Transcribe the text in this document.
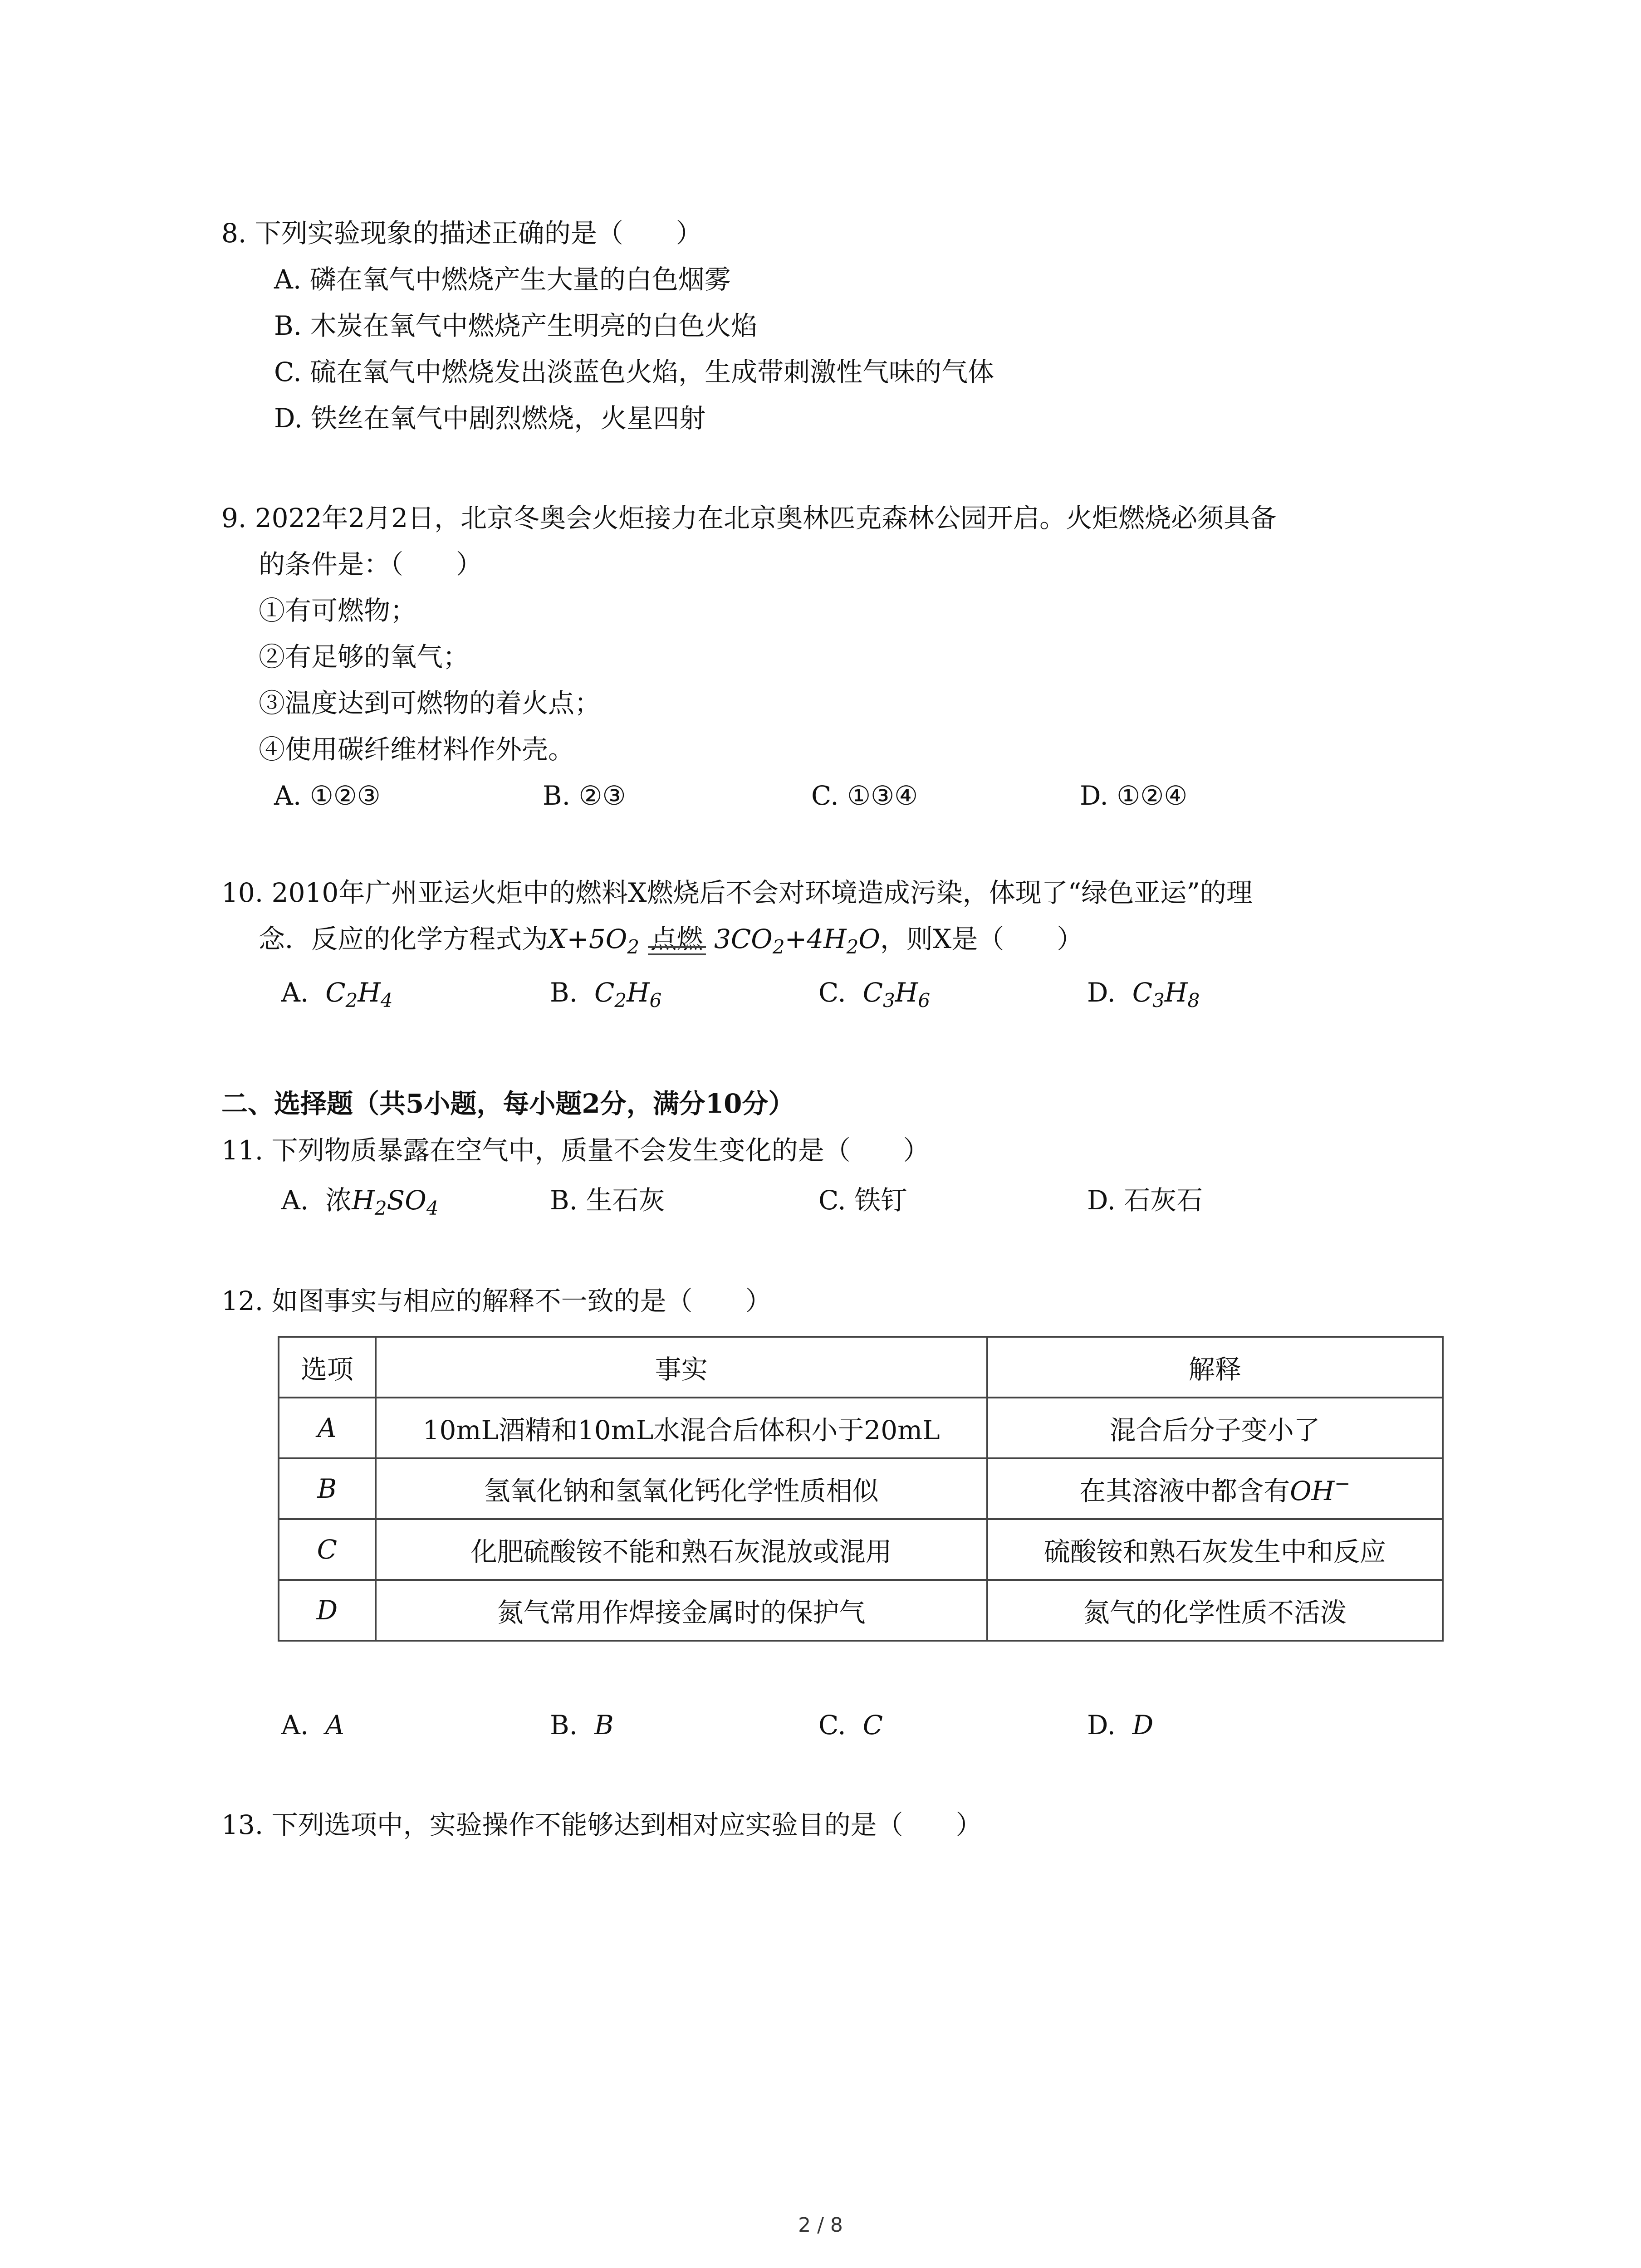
8. 下列实验现象的描述正确的是（　　）
A. 磷在氧气中燃烧产生大量的白色烟雾
B. 木炭在氧气中燃烧产生明亮的白色火焰
C. 硫在氧气中燃烧发出淡蓝色火焰，生成带刺激性气味的气体
D. 铁丝在氧气中剧烈燃烧，火星四射
9. 2022年2月2日，北京冬奥会火炬接力在北京奥林匹克森林公园开启。火炬燃烧必须具备
的条件是：（　　）
①有可燃物；
②有足够的氧气；
③温度达到可燃物的着火点；
④使用碳纤维材料作外壳。
A. ①②③	B. ②③	C. ①③④	D. ①②④
10. 2010年广州亚运火炬中的燃料X燃烧后不会对环境造成污染，体现了“绿色亚运”的理
念．反应的化学方程式为$X+5O_2$ 点燃 $3CO_2+4H_2O$，则X是（　　）
A. $C_2H_4$	B. $C_2H_6$	C. $C_3H_6$	D. $C_3H_8$
二、选择题（共5小题，每小题2分，满分10分）
11. 下列物质暴露在空气中，质量不会发生变化的是（　　）
A. 浓$H_2SO_4$	B. 生石灰	C. 铁钉	D. 石灰石
12. 如图事实与相应的解释不一致的是（　　）
选项	事实	解释
A	10mL酒精和10mL水混合后体积小于20mL	混合后分子变小了
B	氢氧化钠和氢氧化钙化学性质相似	在其溶液中都含有OH−
C	化肥硫酸铵不能和熟石灰混放或混用	硫酸铵和熟石灰发生中和反应
D	氮气常用作焊接金属时的保护气	氮气的化学性质不活泼
A. A	B. B	C. C	D. D
13. 下列选项中，实验操作不能够达到相对应实验目的是（　　）
2 / 8
